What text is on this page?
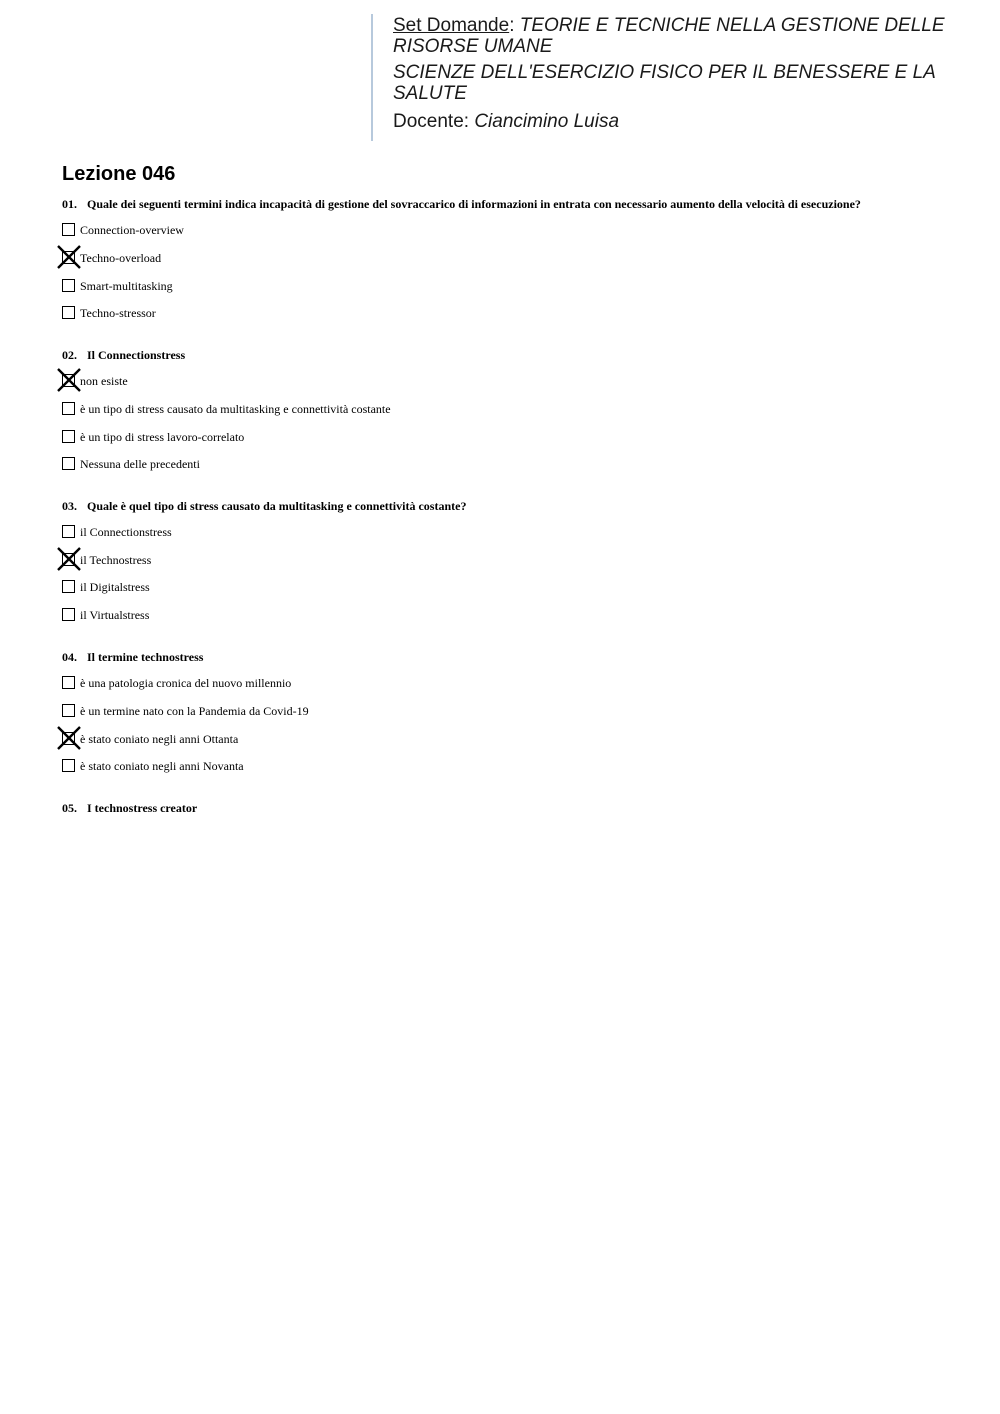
Set Domande: TEORIE E TECNICHE NELLA GESTIONE DELLE RISORSE UMANE
SCIENZE DELL'ESERCIZIO FISICO PER IL BENESSERE E LA SALUTE
Docente: Ciancimino Luisa
Lezione 046
01. Quale dei seguenti termini indica incapacità di gestione del sovraccarico di informazioni in entrata con necessario aumento della velocità di esecuzione?
Connection-overview
Techno-overload
Smart-multitasking
Techno-stressor
02. Il Connectionstress
non esiste
è un tipo di stress causato da multitasking e connettività costante
è un tipo di stress lavoro-correlato
Nessuna delle precedenti
03. Quale è quel tipo di stress causato da multitasking e connettività costante?
il Connectionstress
il Technostress
il Digitalstress
il Virtualstress
04. Il termine technostress
è una patologia cronica del nuovo millennio
è un termine nato con la Pandemia da Covid-19
è stato coniato negli anni Ottanta
è stato coniato negli anni Novanta
05. I technostress creator
